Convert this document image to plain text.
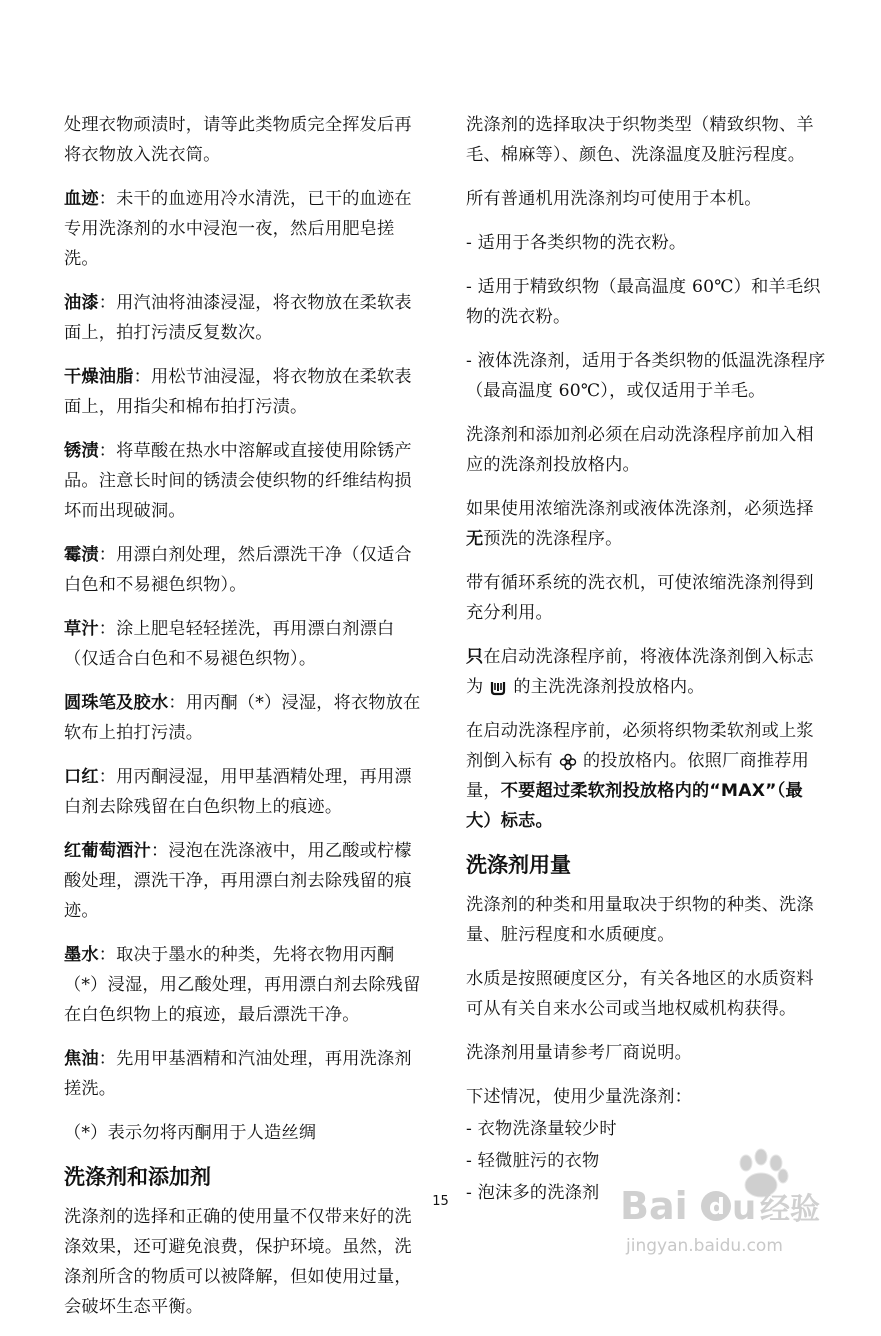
处理衣物顽渍时，请等此类物质完全挥发后再将衣物放入洗衣筒。

血迹：未干的血迹用冷水清洗，已干的血迹在专用洗涤剂的水中浸泡一夜，然后用肥皂搓洗。

油漆：用汽油将油漆浸湿，将衣物放在柔软表面上，拍打污渍反复数次。

干燥油脂：用松节油浸湿，将衣物放在柔软表面上，用指尖和棉布拍打污渍。

锈渍：将草酸在热水中溶解或直接使用除锈产品。注意长时间的锈渍会使织物的纤维结构损坏而出现破洞。

霉渍：用漂白剂处理，然后漂洗干净（仅适合白色和不易褪色织物）。

草汁：涂上肥皂轻轻搓洗，再用漂白剂漂白（仅适合白色和不易褪色织物）。

圆珠笔及胶水：用丙酮（*）浸湿，将衣物放在软布上拍打污渍。

口红：用丙酮浸湿，用甲基酒精处理，再用漂白剂去除残留在白色织物上的痕迹。

红葡萄酒汁：浸泡在洗涤液中，用乙酸或柠檬酸处理，漂洗干净，再用漂白剂去除残留的痕迹。

墨水：取决于墨水的种类，先将衣物用丙酮（*）浸湿，用乙酸处理，再用漂白剂去除残留在白色织物上的痕迹，最后漂洗干净。

焦油：先用甲基酒精和汽油处理，再用洗涤剂搓洗。

（*）表示勿将丙酮用于人造丝绸

洗涤剂和添加剂

洗涤剂的选择和正确的使用量不仅带来好的洗涤效果，还可避免浪费，保护环境。虽然，洗涤剂所含的物质可以被降解，但如使用过量，会破坏生态平衡。

洗涤剂的选择取决于织物类型（精致织物、羊毛、棉麻等）、颜色、洗涤温度及脏污程度。

所有普通机用洗涤剂均可使用于本机。

- 适用于各类织物的洗衣粉。

- 适用于精致织物（最高温度 60℃）和羊毛织物的洗衣粉。

- 液体洗涤剂，适用于各类织物的低温洗涤程序（最高温度 60℃），或仅适用于羊毛。

洗涤剂和添加剂必须在启动洗涤程序前加入相应的洗涤剂投放格内。

如果使用浓缩洗涤剂或液体洗涤剂，必须选择无预洗的洗涤程序。

带有循环系统的洗衣机，可使浓缩洗涤剂得到充分利用。

只在启动洗涤程序前，将液体洗涤剂倒入标志为 的主洗洗涤剂投放格内。

在启动洗涤程序前，必须将织物柔软剂或上浆剂倒入标有 的投放格内。依照厂商推荐用量，不要超过柔软剂投放格内的“MAX”（最大）标志。

洗涤剂用量

洗涤剂的种类和用量取决于织物的种类、洗涤量、脏污程度和水质硬度。

水质是按照硬度区分，有关各地区的水质资料可从有关自来水公司或当地权威机构获得。

洗涤剂用量请参考厂商说明。

下述情况，使用少量洗涤剂：

- 衣物洗涤量较少时

- 轻微脏污的衣物

- 泡沫多的洗涤剂

15	Bai d u 经验
jingyan.baidu.com
